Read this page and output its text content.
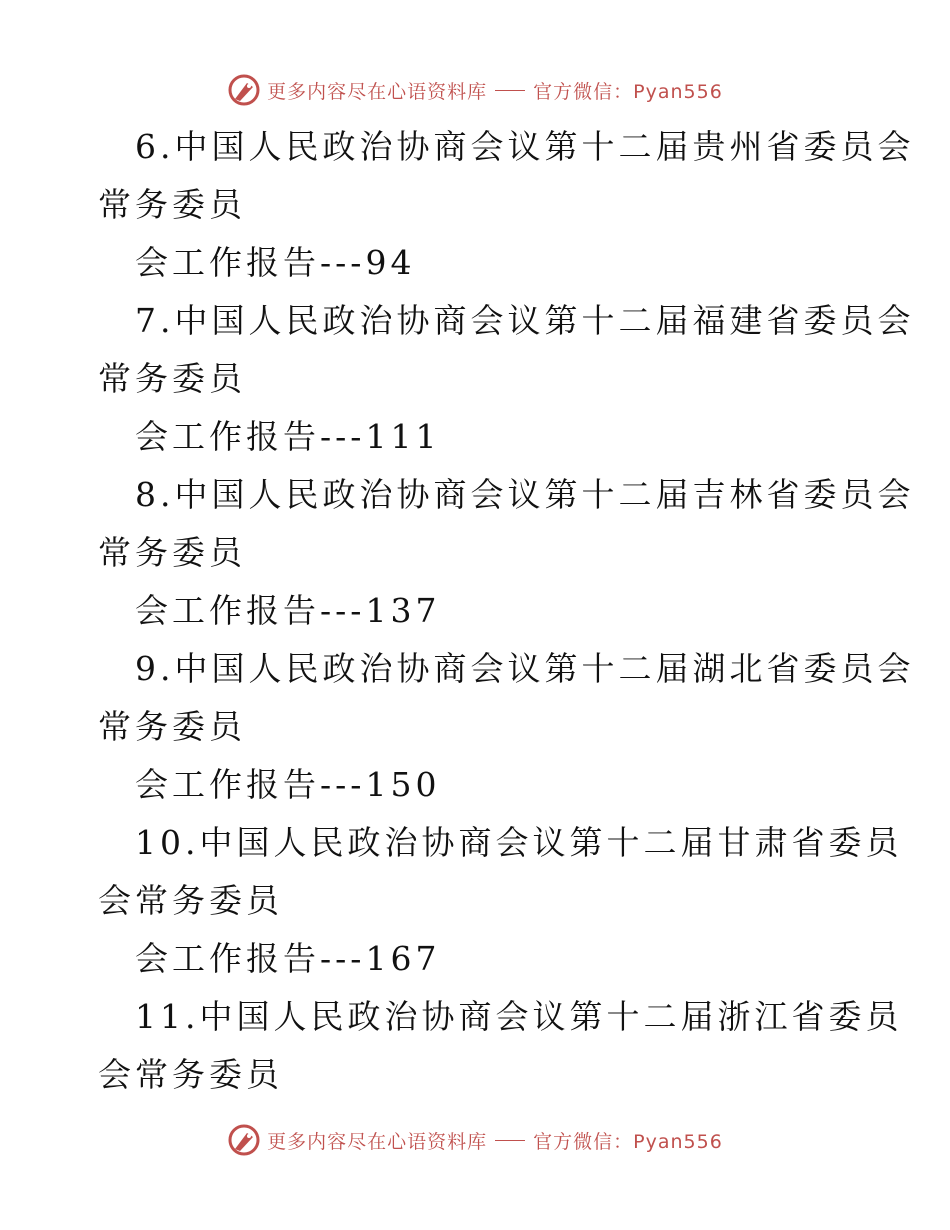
更多内容尽在心语资料库 官方微信：Pyan556
6.中国人民政治协商会议第十二届贵州省委员会
常务委员
会工作报告---94
7.中国人民政治协商会议第十二届福建省委员会
常务委员
会工作报告---111
8.中国人民政治协商会议第十二届吉林省委员会
常务委员
会工作报告---137
9.中国人民政治协商会议第十二届湖北省委员会
常务委员
会工作报告---150
10.中国人民政治协商会议第十二届甘肃省委员
会常务委员
会工作报告---167
11.中国人民政治协商会议第十二届浙江省委员
会常务委员
更多内容尽在心语资料库 官方微信：Pyan556
